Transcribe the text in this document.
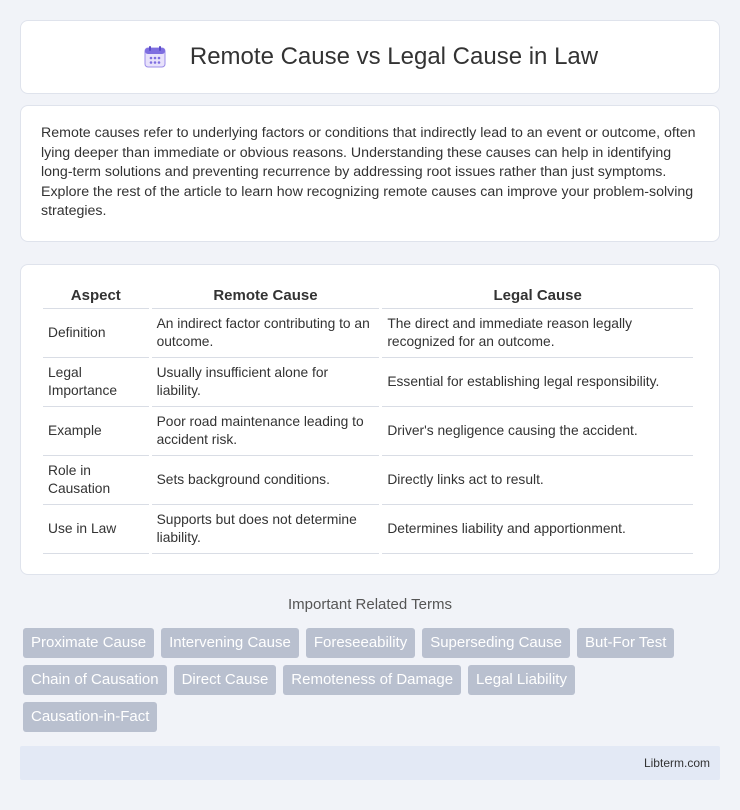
Remote Cause vs Legal Cause in Law

Remote causes refer to underlying factors or conditions that indirectly lead to an event or outcome, often lying deeper than immediate or obvious reasons. Understanding these causes can help in identifying long-term solutions and preventing recurrence by addressing root issues rather than just symptoms. Explore the rest of the article to learn how recognizing remote causes can improve your problem-solving strategies.

Aspect	Remote Cause	Legal Cause
Definition	An indirect factor contributing to an outcome.	The direct and immediate reason legally recognized for an outcome.
Legal Importance	Usually insufficient alone for liability.	Essential for establishing legal responsibility.
Example	Poor road maintenance leading to accident risk.	Driver's negligence causing the accident.
Role in Causation	Sets background conditions.	Directly links act to result.
Use in Law	Supports but does not determine liability.	Determines liability and apportionment.
Important Related Terms
Proximate Cause	Intervening Cause	Foreseeability	Superseding Cause	But-For Test
Chain of Causation	Direct Cause	Remoteness of Damage	Legal Liability
Causation-in-Fact
Libterm.com
